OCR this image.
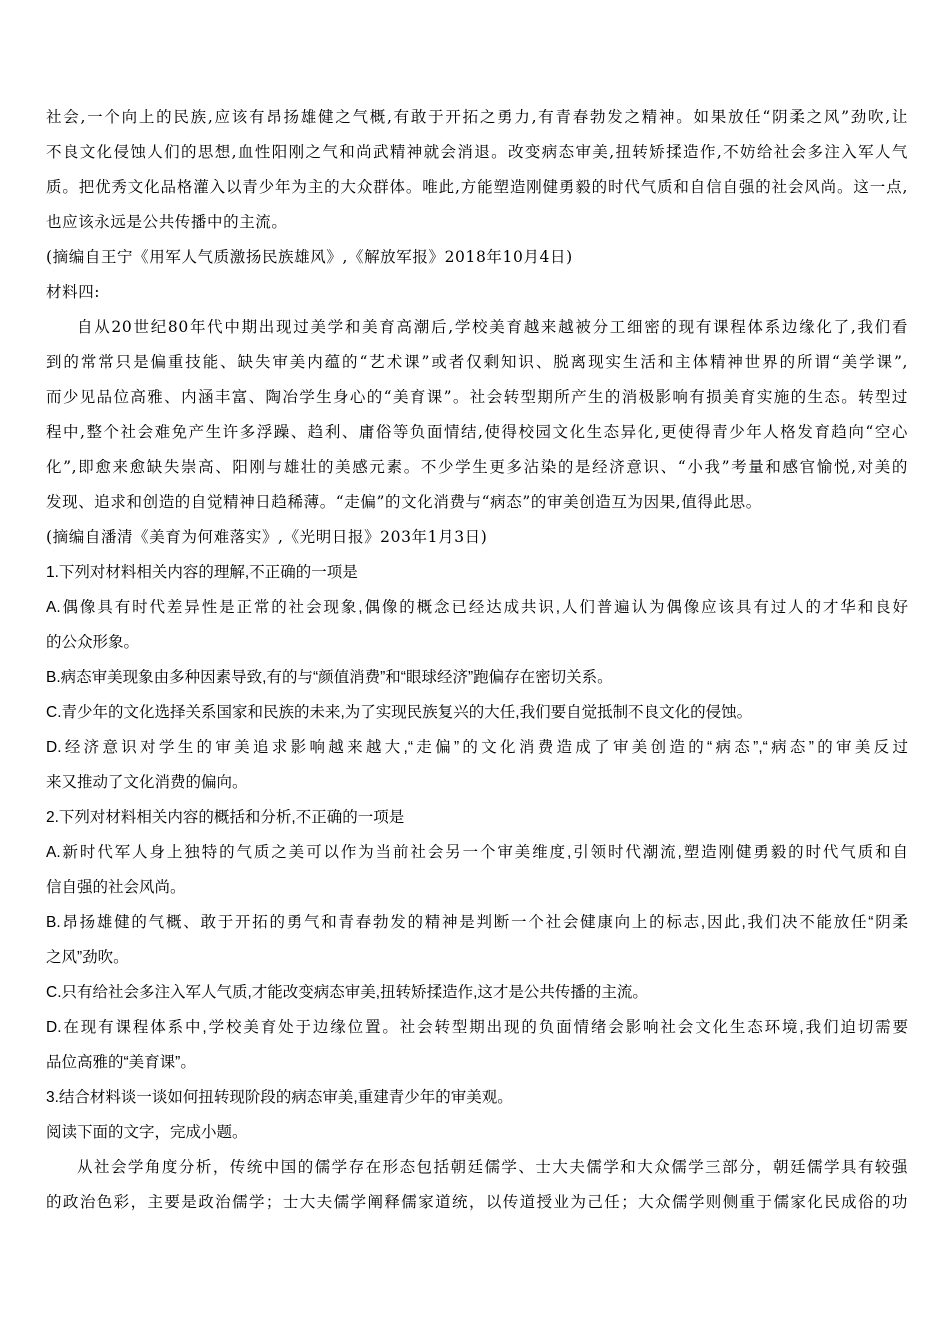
社会,一个向上的民族,应该有昂扬雄健之气概,有敢于开拓之勇力,有青春勃发之精神。如果放任“阴柔之风”劲吹,让
不良文化侵蚀人们的思想,血性阳刚之气和尚武精神就会消退。改变病态审美,扭转矫揉造作,不妨给社会多注入军人气
质。把优秀文化品格灌入以青少年为主的大众群体。唯此,方能塑造刚健勇毅的时代气质和自信自强的社会风尚。这一点,
也应该永远是公共传播中的主流。
(摘编自王宁《用军人气质激扬民族雄风》,《解放军报》2018年10月4日)
材料四:
自从20世纪80年代中期出现过美学和美育高潮后,学校美育越来越被分工细密的现有课程体系边缘化了,我们看
到的常常只是偏重技能、缺失审美内蕴的“艺术课”或者仅剩知识、脱离现实生活和主体精神世界的所谓“美学课”,
而少见品位高雅、内涵丰富、陶冶学生身心的“美育课”。社会转型期所产生的消极影响有损美育实施的生态。转型过
程中,整个社会难免产生许多浮躁、趋利、庸俗等负面情结,使得校园文化生态异化,更使得青少年人格发育趋向“空心
化”,即愈来愈缺失崇高、阳刚与雄壮的美感元素。不少学生更多沾染的是经济意识、“小我”考量和感官愉悦,对美的
发现、追求和创造的自觉精神日趋稀薄。“走偏”的文化消费与“病态”的审美创造互为因果,值得此思。
(摘编自潘清《美育为何难落实》,《光明日报》203年1月3日)
1.下列对材料相关内容的理解,不正确的一项是
A.偶像具有时代差异性是正常的社会现象,偶像的概念已经达成共识,人们普遍认为偶像应该具有过人的才华和良好
的公众形象。
B.病态审美现象由多种因素导致,有的与“颜值消费”和“眼球经济”跑偏存在密切关系。
C.青少年的文化选择关系国家和民族的未来,为了实现民族复兴的大任,我们要自觉抵制不良文化的侵蚀。
D.经济意识对学生的审美追求影响越来越大,“走偏”的文化消费造成了审美创造的“病态”,“病态”的审美反过
来又推动了文化消费的偏向。
2.下列对材料相关内容的概括和分析,不正确的一项是
A.新时代军人身上独特的气质之美可以作为当前社会另一个审美维度,引领时代潮流,塑造刚健勇毅的时代气质和自
信自强的社会风尚。
B.昂扬雄健的气概、敢于开拓的勇气和青春勃发的精神是判断一个社会健康向上的标志,因此,我们决不能放任“阴柔
之风”劲吹。
C.只有给社会多注入军人气质,才能改变病态审美,扭转矫揉造作,这才是公共传播的主流。
D.在现有课程体系中,学校美育处于边缘位置。社会转型期出现的负面情绪会影响社会文化生态环境,我们迫切需要
品位高雅的“美育课”。
3.结合材料谈一谈如何扭转现阶段的病态审美,重建青少年的审美观。
阅读下面的文字，完成小题。
从社会学角度分析，传统中国的儒学存在形态包括朝廷儒学、士大夫儒学和大众儒学三部分，朝廷儒学具有较强
的政治色彩，主要是政治儒学；士大夫儒学阐释儒家道统，以传道授业为己任；大众儒学则侧重于儒家化民成俗的功
